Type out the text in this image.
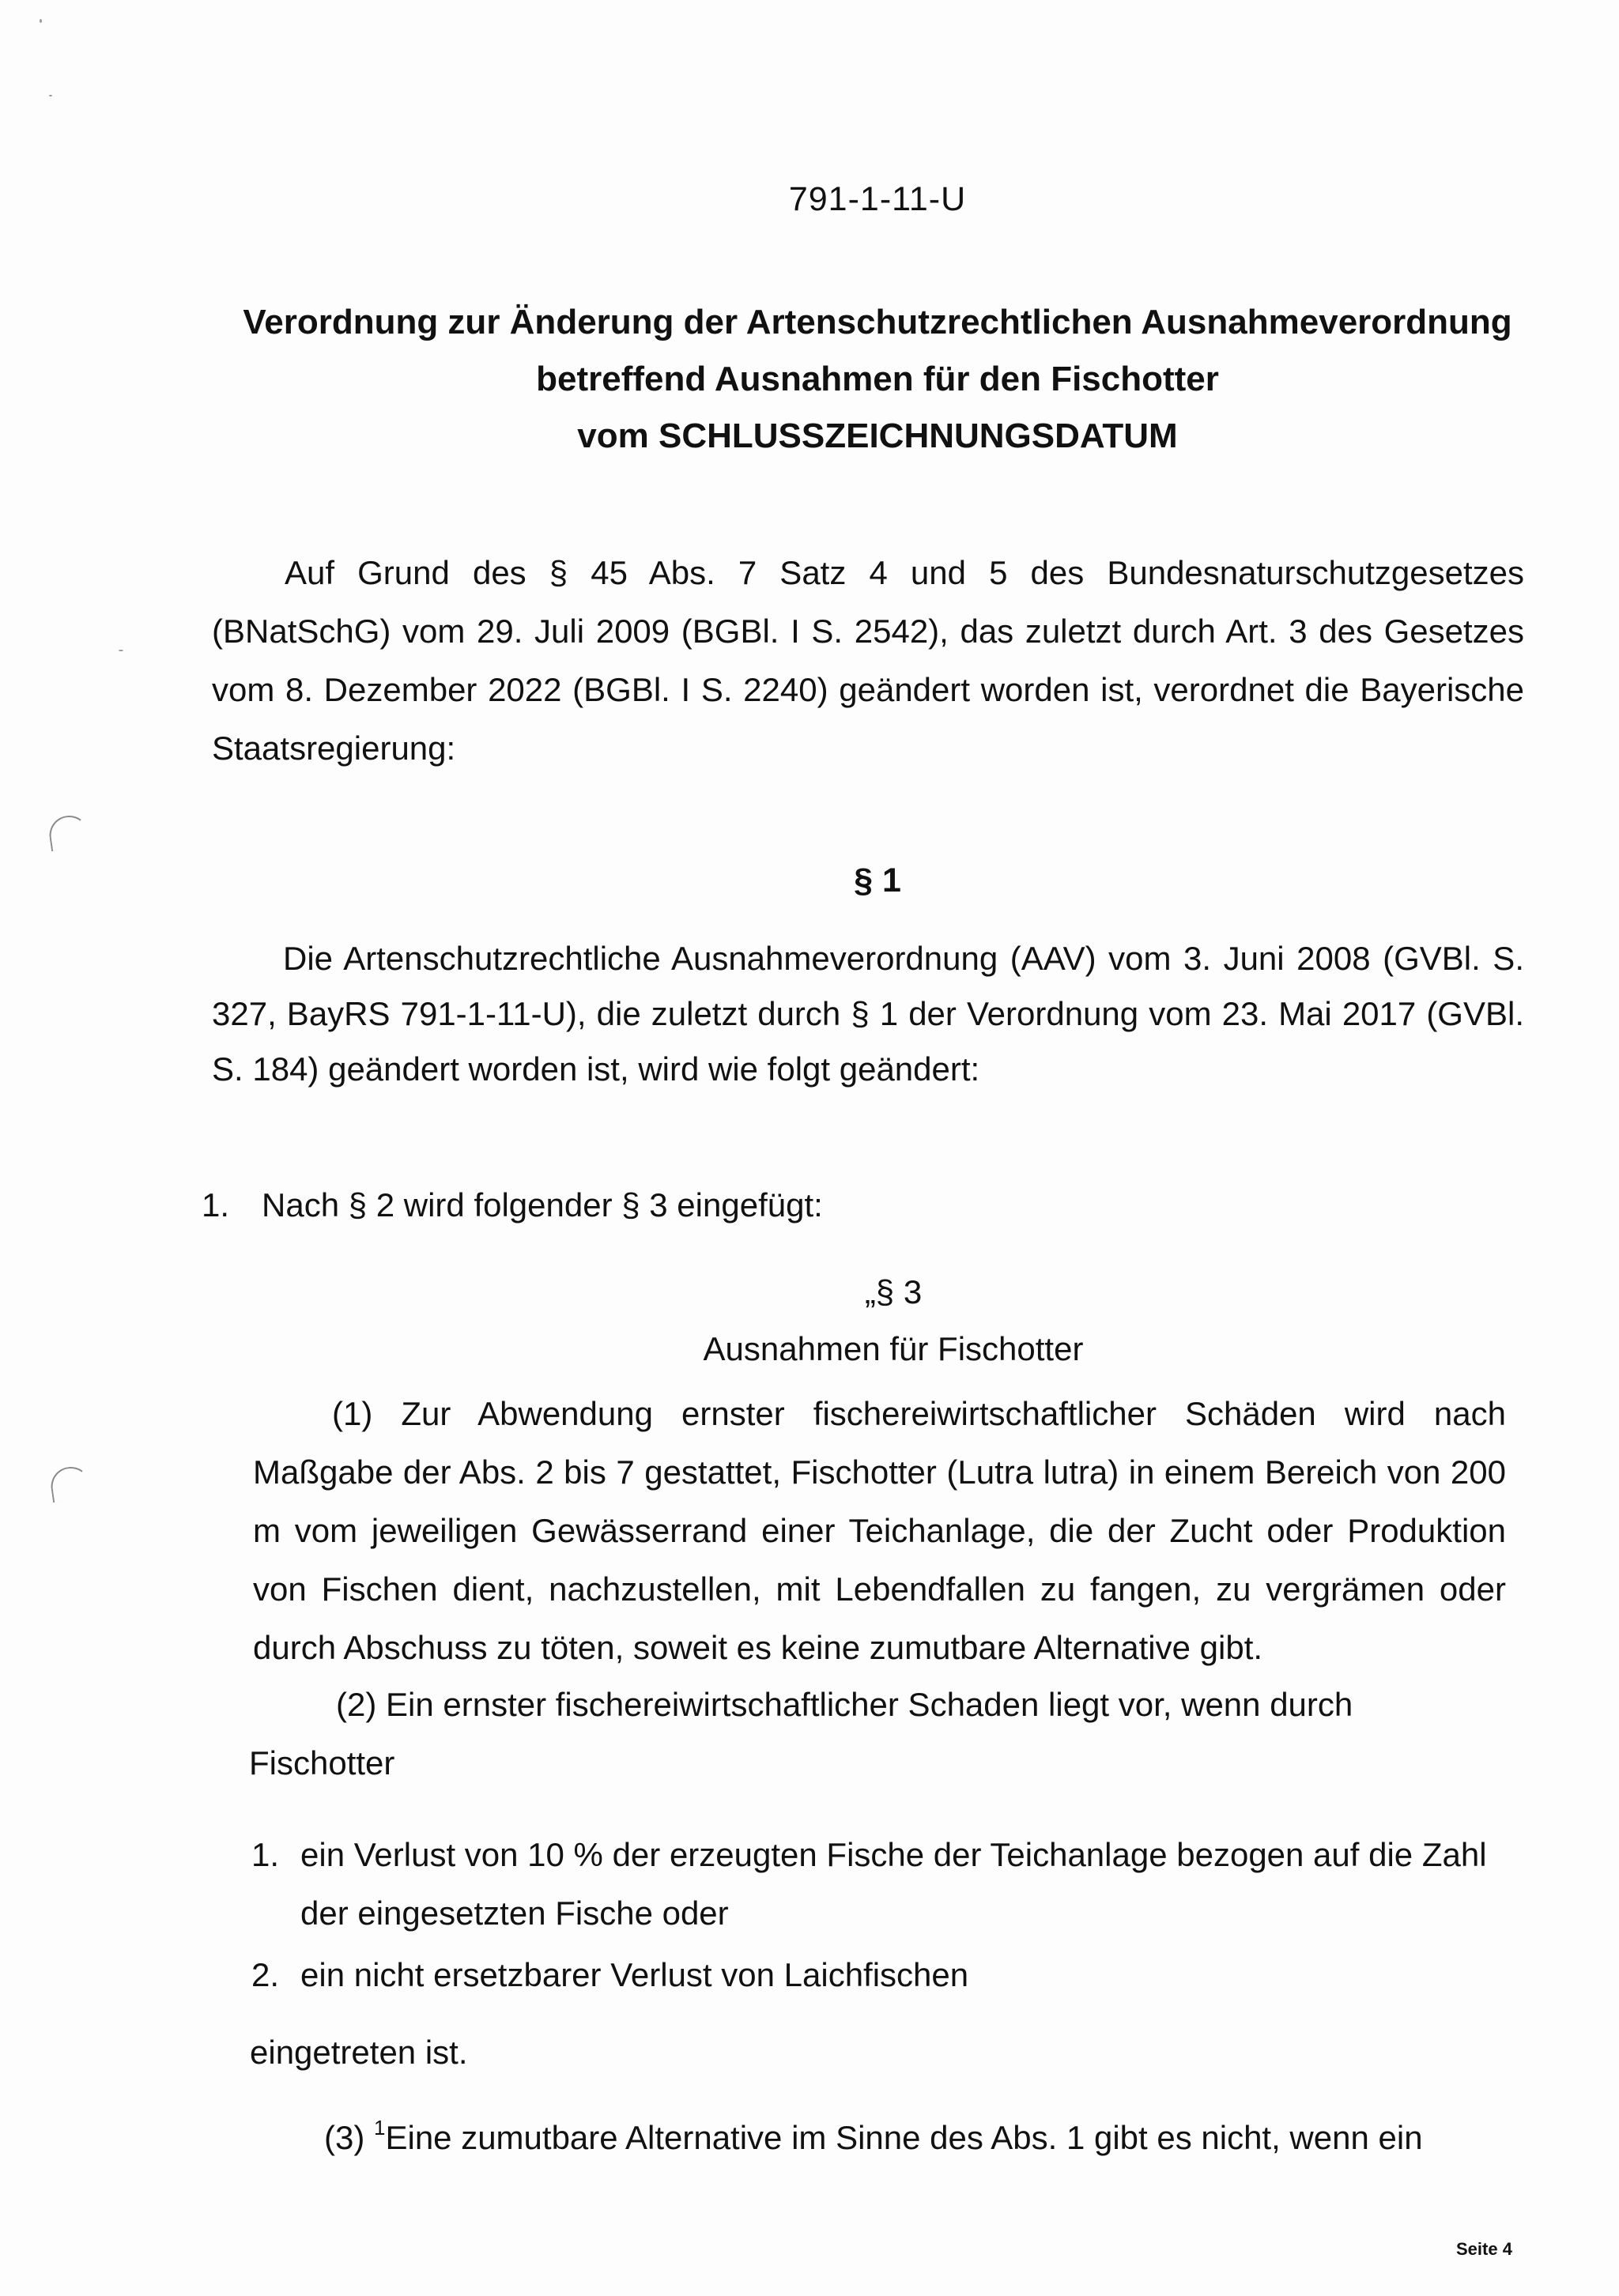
791-1-11-U
Verordnung zur Änderung der Artenschutzrechtlichen Ausnahmeverordnung
betreffend Ausnahmen für den Fischotter
vom SCHLUSSZEICHNUNGSDATUM

Auf Grund des § 45 Abs. 7 Satz 4 und 5 des Bundesnaturschutzgesetzes (BNatSchG) vom 29. Juli 2009 (BGBl. I S. 2542), das zuletzt durch Art. 3 des Gesetzes vom 8. Dezember 2022 (BGBl. I S. 2240) geändert worden ist, verordnet die Bayerische Staatsregierung:

§ 1

Die Artenschutzrechtliche Ausnahmeverordnung (AAV) vom 3. Juni 2008 (GVBl. S. 327, BayRS 791-1-11-U), die zuletzt durch § 1 der Verordnung vom 23. Mai 2017 (GVBl. S. 184) geändert worden ist, wird wie folgt geändert:

1. Nach § 2 wird folgender § 3 eingefügt:
„§ 3
Ausnahmen für Fischotter

(1) Zur Abwendung ernster fischereiwirtschaftlicher Schäden wird nach Maßgabe der Abs. 2 bis 7 gestattet, Fischotter (Lutra lutra) in einem Bereich von 200 m vom jeweiligen Gewässerrand einer Teichanlage, die der Zucht oder Produktion von Fischen dient, nachzustellen, mit Lebendfallen zu fangen, zu vergrämen oder durch Abschuss zu töten, soweit es keine zumutbare Alternative gibt.

(2) Ein ernster fischereiwirtschaftlicher Schaden liegt vor, wenn durch Fischotter

1. ein Verlust von 10 % der erzeugten Fische der Teichanlage bezogen auf die Zahl der eingesetzten Fische oder
2. ein nicht ersetzbarer Verlust von Laichfischen
eingetreten ist.
(3) $^1$Eine zumutbare Alternative im Sinne des Abs. 1 gibt es nicht, wenn ein
Seite 4
